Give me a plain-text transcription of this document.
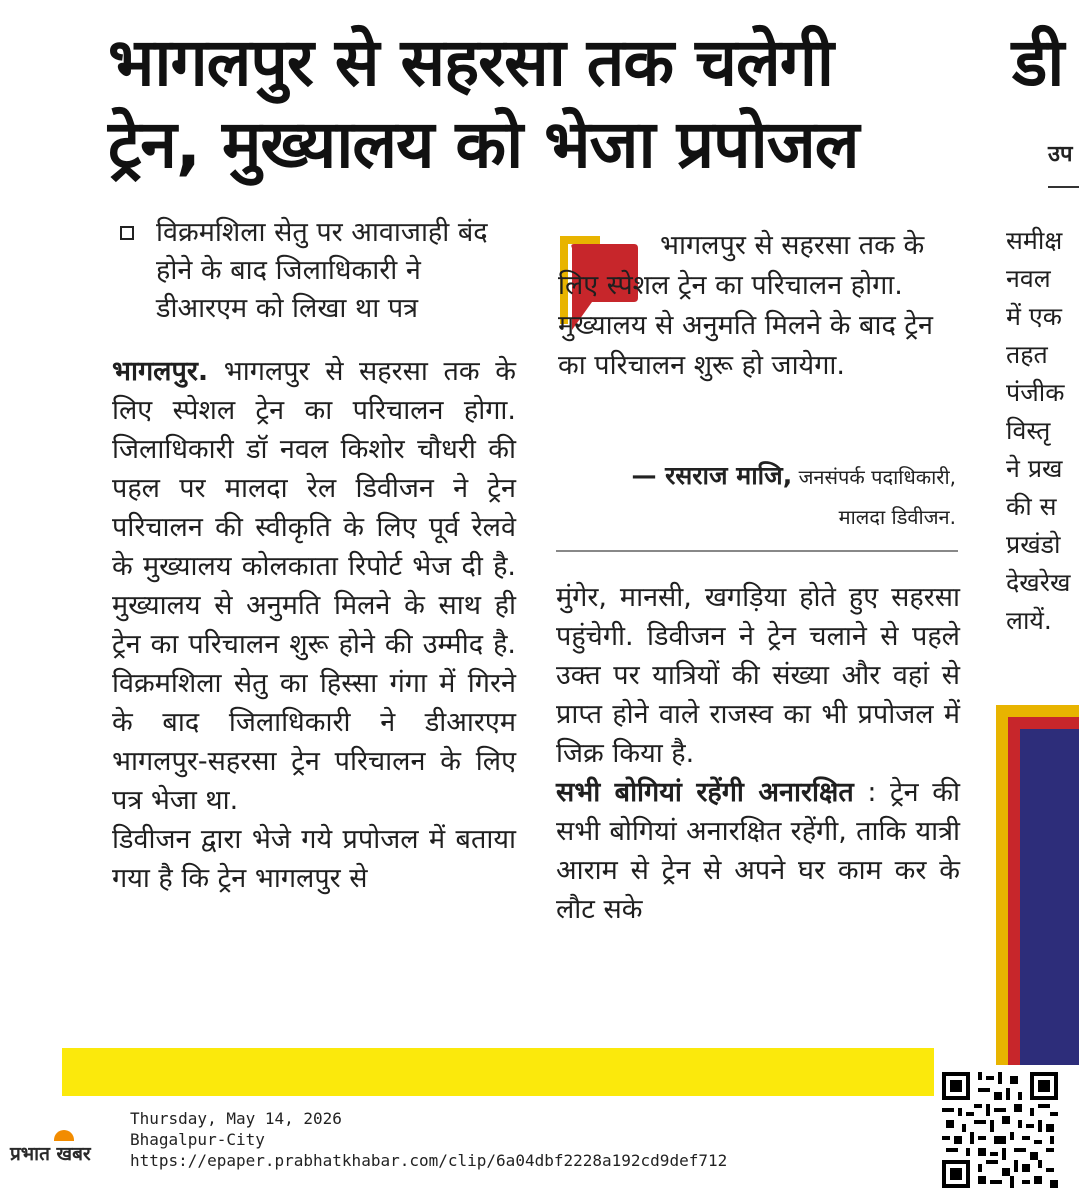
भागलपुर से सहरसा तक चलेगी
ट्रेन, मुख्यालय को भेजा प्रपोजल
डी
उप
विक्रमशिला सेतु पर आवाजाही बंद होने के बाद जिलाधिकारी ने डीआरएम को लिखा था पत्र

भागलपुर. भागलपुर से सहरसा तक के लिए स्पेशल ट्रेन का परिचालन होगा. जिलाधिकारी डॉ नवल किशोर चौधरी की पहल पर मालदा रेल डिवीजन ने ट्रेन परिचालन की स्वीकृति के लिए पूर्व रेलवे के मुख्यालय कोलकाता रिपोर्ट भेज दी है. मुख्यालय से अनुमति मिलने के साथ ही ट्रेन का परिचालन शुरू होने की उम्मीद है. विक्रमशिला सेतु का हिस्सा गंगा में गिरने के बाद जिलाधिकारी ने डीआरएम भागलपुर-सहरसा ट्रेन परिचालन के लिए पत्र भेजा था.

डिवीजन द्वारा भेजे गये प्रपोजल में बताया गया है कि ट्रेन भागलपुर से

भागलपुर से सहरसा तक के लिए स्पेशल ट्रेन का परिचालन होगा. मुख्यालय से अनुमति मिलने के बाद ट्रेन का परिचालन शुरू हो जायेगा.
— रसराज माजि, जनसंपर्क पदाधिकारी,
मालदा डिवीजन.

मुंगेर, मानसी, खगड़िया होते हुए सहरसा पहुंचेगी. डिवीजन ने ट्रेन चलाने से पहले उक्त पर यात्रियों की संख्या और वहां से प्राप्त होने वाले राजस्व का भी प्रपोजल में जिक्र किया है.

सभी बोगियां रहेंगी अनारक्षित : ट्रेन की सभी बोगियां अनारक्षित रहेंगी, ताकि यात्री आराम से ट्रेन से अपने घर काम कर के लौट सके

समीक्ष
नवल
में एक
तहत
पंजीक
विस्तृ
ने प्रख
की स
प्रखंडो
देखरेख
लायें.
प्रभात खबर
Thursday, May 14, 2026
Bhagalpur-City
https://epaper.prabhatkhabar.com/clip/6a04dbf2228a192cd9def712
